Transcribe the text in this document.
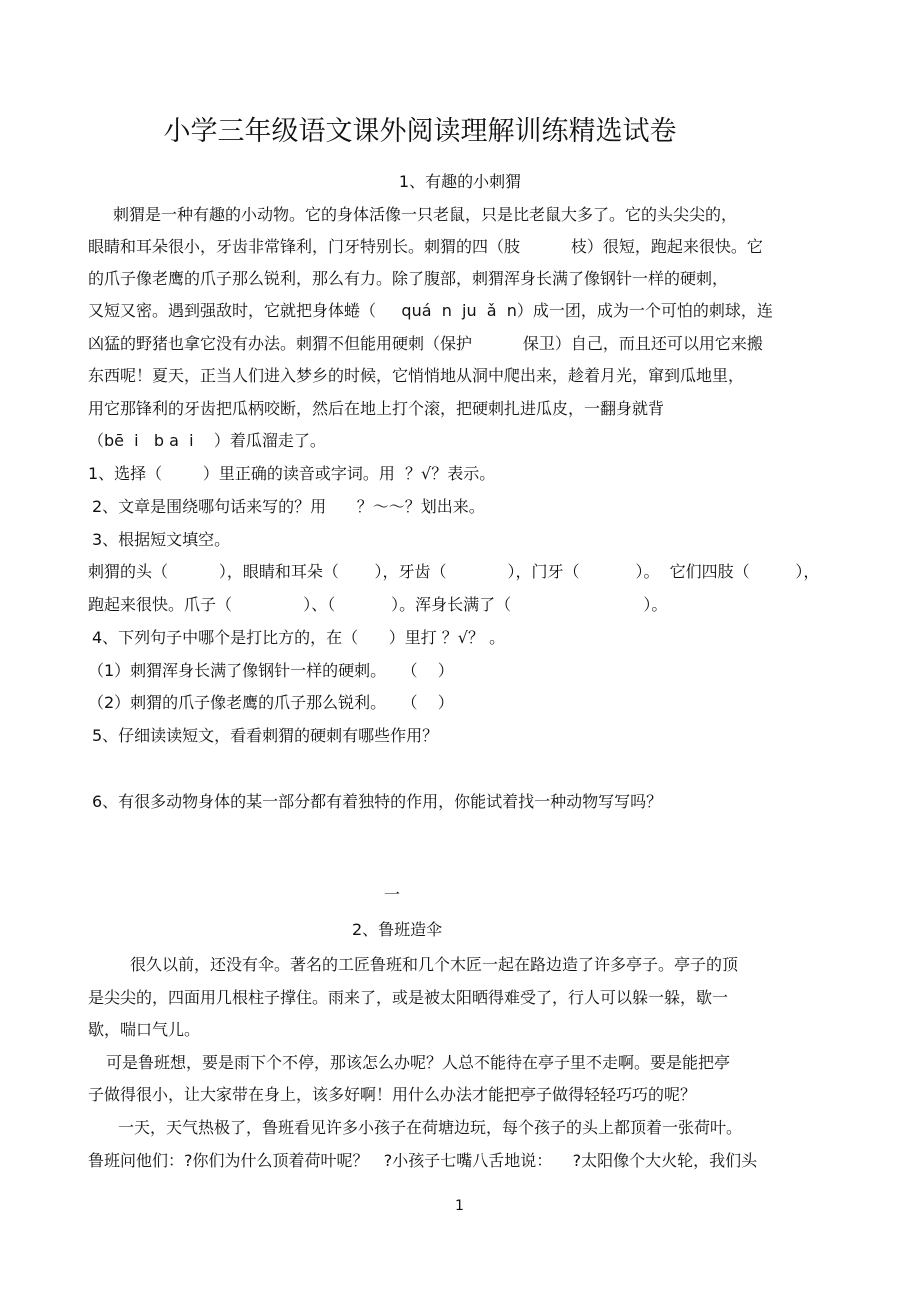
小学三年级语文课外阅读理解训练精选试卷
1、有趣的小刺猬
刺猬是一种有趣的小动物。它的身体活像一只老鼠，只是比老鼠大多了。它的头尖尖的，
眼睛和耳朵很小，牙齿非常锋利，门牙特别长。刺猬的四（肢          枝）很短，跑起来很快。它
的爪子像老鹰的爪子那么锐利，那么有力。除了腹部，刺猬浑身长满了像钢针一样的硬刺，
又短又密。遇到强敌时，它就把身体蜷（     quá  n  ju  ǎ  n）成一团，成为一个可怕的刺球，连
凶猛的野猪也拿它没有办法。刺猬不但能用硬刺（保护          保卫）自己，而且还可以用它来搬
东西呢！夏天，正当人们进入梦乡的时候，它悄悄地从洞中爬出来，趁着月光，窜到瓜地里，
用它那锋利的牙齿把瓜柄咬断，然后在地上打个滚，把硬刺扎进瓜皮，一翻身就背
（bē  i   b a  i    ）着瓜溜走了。
1、选择（        ）里正确的读音或字词。用  ？√？表示。
2、文章是围绕哪句话来写的？用      ？～～？划出来。
3、根据短文填空。
刺猬的头（          ），眼睛和耳朵（       ），牙齿（            ），门牙（           ）。  它们四肢（         ），
跑起来很快。爪子（              ）、（           ）。浑身长满了（                          ）。
4、下列句子中哪个是打比方的，在（      ）里打 ？√？ 。
（1）刺猬浑身长满了像钢针一样的硬刺。   （    ）
（2）刺猬的爪子像老鹰的爪子那么锐利。   （    ）
5、仔细读读短文，看看刺猬的硬刺有哪些作用？
6、有很多动物身体的某一部分都有着独特的作用，你能试着找一种动物写写吗？
一
2、鲁班造伞
很久以前，还没有伞。著名的工匠鲁班和几个木匠一起在路边造了许多亭子。亭子的顶
是尖尖的，四面用几根柱子撑住。雨来了，或是被太阳晒得难受了，行人可以躲一躲，歇一
歇，喘口气儿。
可是鲁班想，要是雨下个不停，那该怎么办呢？人总不能待在亭子里不走啊。要是能把亭
子做得很小，让大家带在身上，该多好啊！用什么办法才能把亭子做得轻轻巧巧的呢？
一天，天气热极了，鲁班看见许多小孩子在荷塘边玩，每个孩子的头上都顶着一张荷叶。
鲁班问他们：?你们为什么顶着荷叶呢？   ?小孩子七嘴八舌地说：    ?太阳像个大火轮，我们头
1
